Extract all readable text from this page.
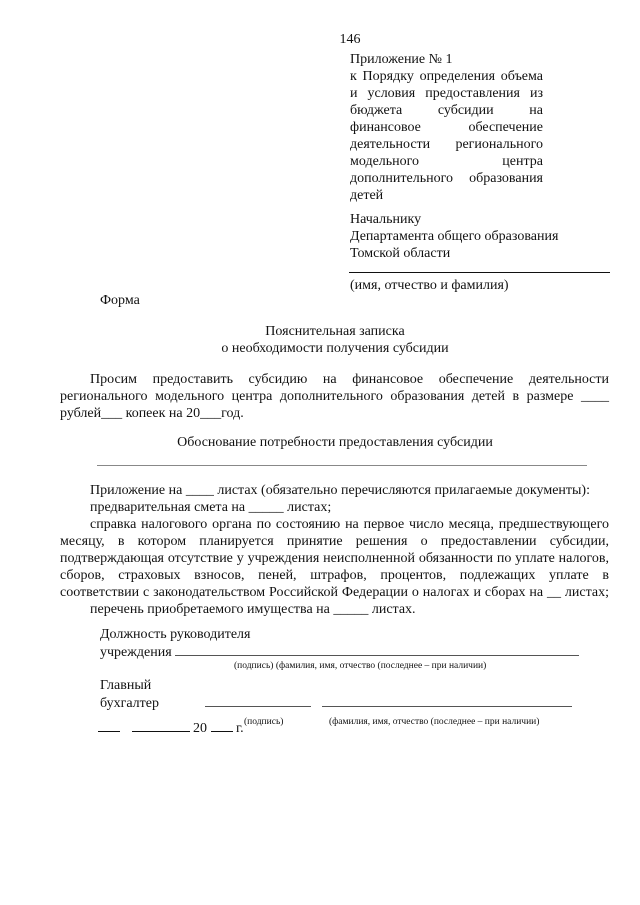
146
Приложение № 1
к Порядку определения объема
и условия предоставления из
бюджета субсидии на
финансовое обеспечение
деятельности регионального
модельного центра
дополнительного образования
детей
Начальнику
Департамента общего образования
Томской области
(имя, отчество и фамилия)
Форма
Пояснительная записка
о необходимости получения субсидии
Просим предоставить субсидию на финансовое обеспечение деятельности
регионального модельного центра дополнительного образования детей в размере ____
рублей___ копеек на 20___год.
Обоснование потребности предоставления субсидии
Приложение на ____ листах (обязательно перечисляются прилагаемые документы):
предварительная смета на _____ листах;
справка налогового органа по состоянию на первое число месяца, предшествующего
месяцу, в котором планируется принятие решения о предоставлении субсидии,
подтверждающая отсутствие у учреждения неисполненной обязанности по уплате налогов,
сборов, страховых взносов, пеней, штрафов, процентов, подлежащих уплате в
соответствии с законодательством Российской Федерации о налогах и сборах на __ листах;
перечень приобретаемого имущества на _____ листах.
Должность руководителя
учреждения
(подпись) (фамилия, имя, отчество (последнее – при наличии)
Главный
бухгалтер
(подпись)	(фамилия, имя, отчество (последнее – при наличии)
20 г.
